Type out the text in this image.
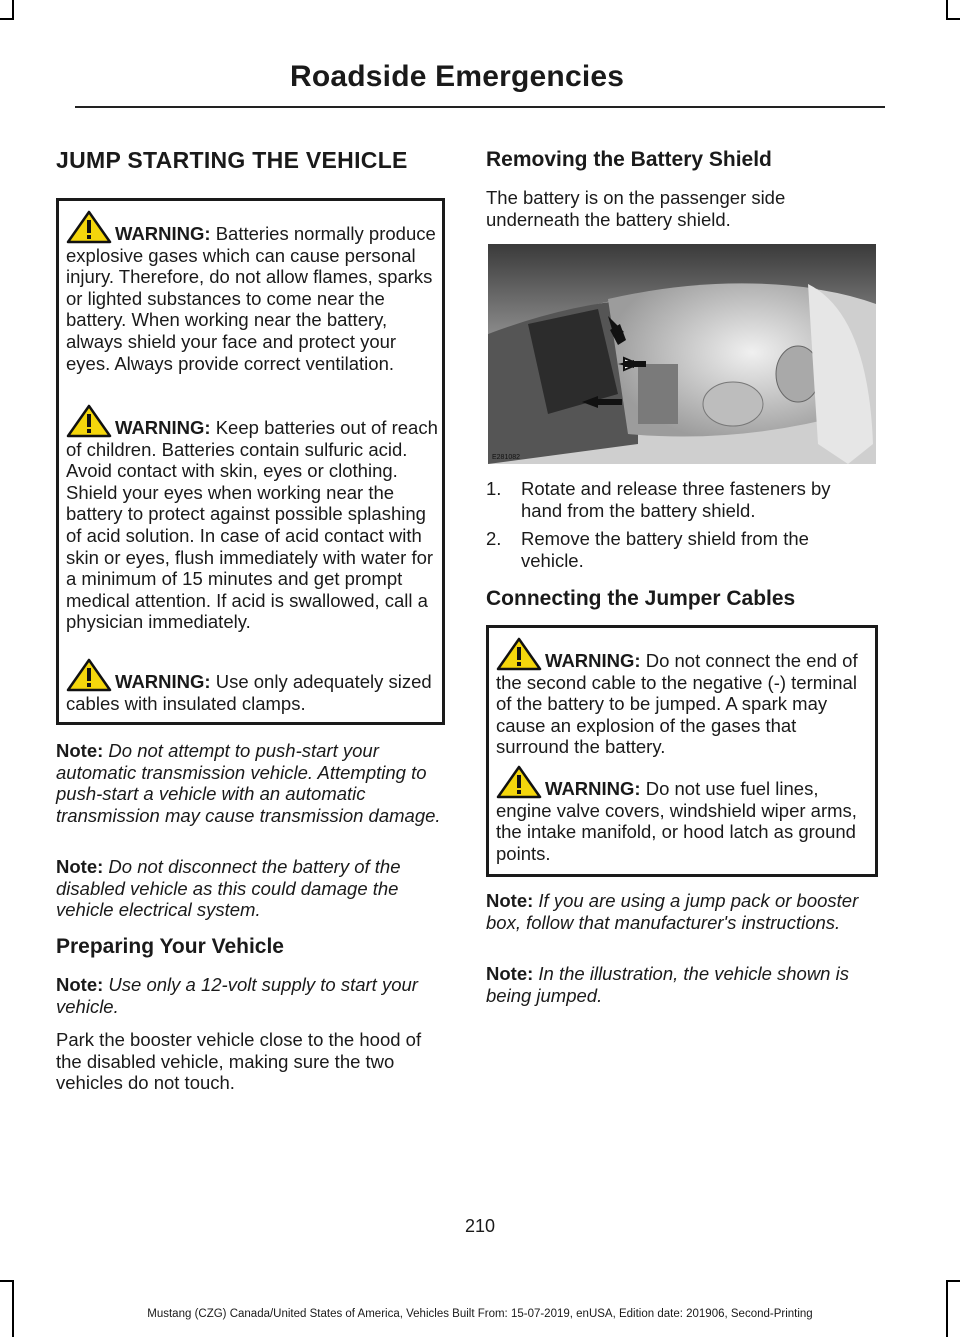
Roadside Emergencies
JUMP STARTING THE VEHICLE
WARNING: Batteries normally produce explosive gases which can cause personal injury. Therefore, do not allow flames, sparks or lighted substances to come near the battery. When working near the battery, always shield your face and protect your eyes. Always provide correct ventilation.
WARNING: Keep batteries out of reach of children. Batteries contain sulfuric acid. Avoid contact with skin, eyes or clothing. Shield your eyes when working near the battery to protect against possible splashing of acid solution. In case of acid contact with skin or eyes, flush immediately with water for a minimum of 15 minutes and get prompt medical attention. If acid is swallowed, call a physician immediately.
WARNING: Use only adequately sized cables with insulated clamps.
Note: Do not attempt to push-start your automatic transmission vehicle. Attempting to push-start a vehicle with an automatic transmission may cause transmission damage.
Note: Do not disconnect the battery of the disabled vehicle as this could damage the vehicle electrical system.
Preparing Your Vehicle
Note: Use only a 12-volt supply to start your vehicle.
Park the booster vehicle close to the hood of the disabled vehicle, making sure the two vehicles do not touch.
Removing the Battery Shield
The battery is on the passenger side underneath the battery shield.
E281082
1. Rotate and release three fasteners by hand from the battery shield.
2. Remove the battery shield from the vehicle.
Connecting the Jumper Cables
WARNING: Do not connect the end of the second cable to the negative (-) terminal of the battery to be jumped. A spark may cause an explosion of the gases that surround the battery.
WARNING: Do not use fuel lines, engine valve covers, windshield wiper arms, the intake manifold, or hood latch as ground points.
Note: If you are using a jump pack or booster box, follow that manufacturer's instructions.
Note: In the illustration, the vehicle shown is being jumped.
210
Mustang (CZG) Canada/United States of America, Vehicles Built From: 15-07-2019, enUSA, Edition date: 201906, Second-Printing
